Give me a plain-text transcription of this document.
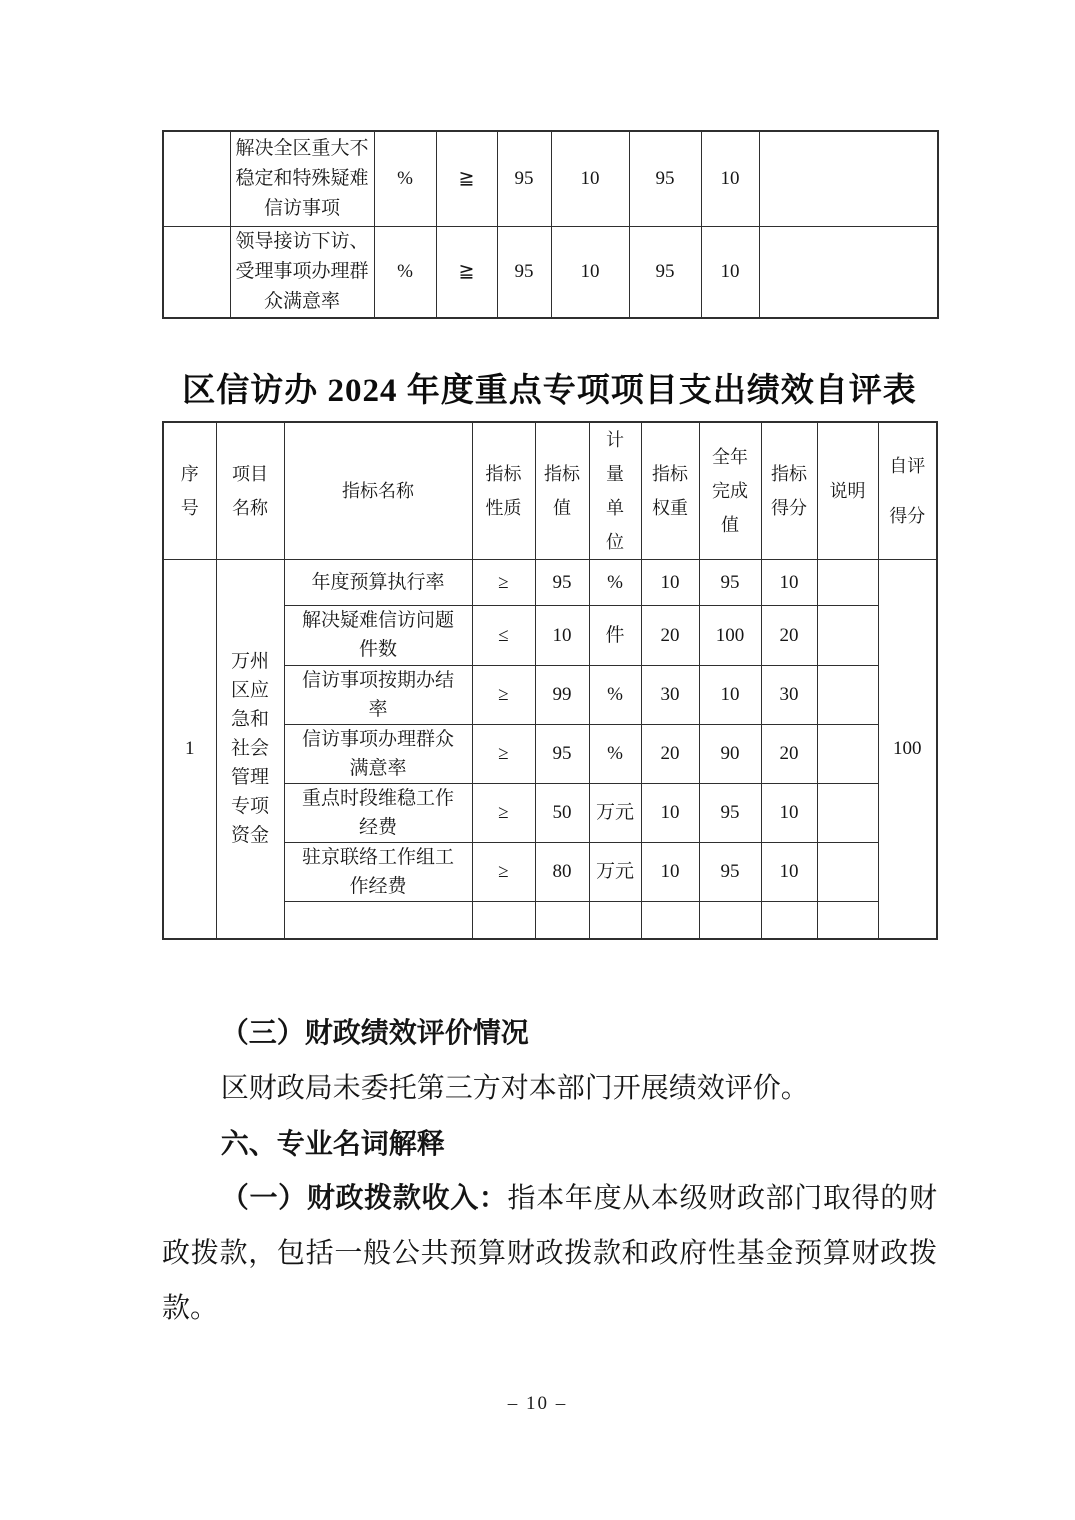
	解决全区重大不稳定和特殊疑难信访事项	%	≧	95	10	95	10	
	领导接访下访、受理事项办理群众满意率	%	≧	95	10	95	10	
区信访办 2024 年度重点专项项目支出绩效自评表
序号	项目名称	指标名称	指标性质	指标值	计量单位	指标权重	全年完成值	指标得分	说明	自评得分
1	万州区应急和社会管理专项资金	年度预算执行率	≥	95	%	10	95	10		100
		解决疑难信访问题件数	≤	10	件	20	100	20		
		信访事项按期办结率	≥	99	%	30	10	30		
		信访事项办理群众满意率	≥	95	%	20	90	20		
		重点时段维稳工作经费	≥	50	万元	10	95	10		
		驻京联络工作组工作经费	≥	80	万元	10	95	10		

（三）财政绩效评价情况
区财政局未委托第三方对本部门开展绩效评价。
六、专业名词解释
（一）财政拨款收入：指本年度从本级财政部门取得的财政拨款，包括一般公共预算财政拨款和政府性基金预算财政拨款。
– 10 –
